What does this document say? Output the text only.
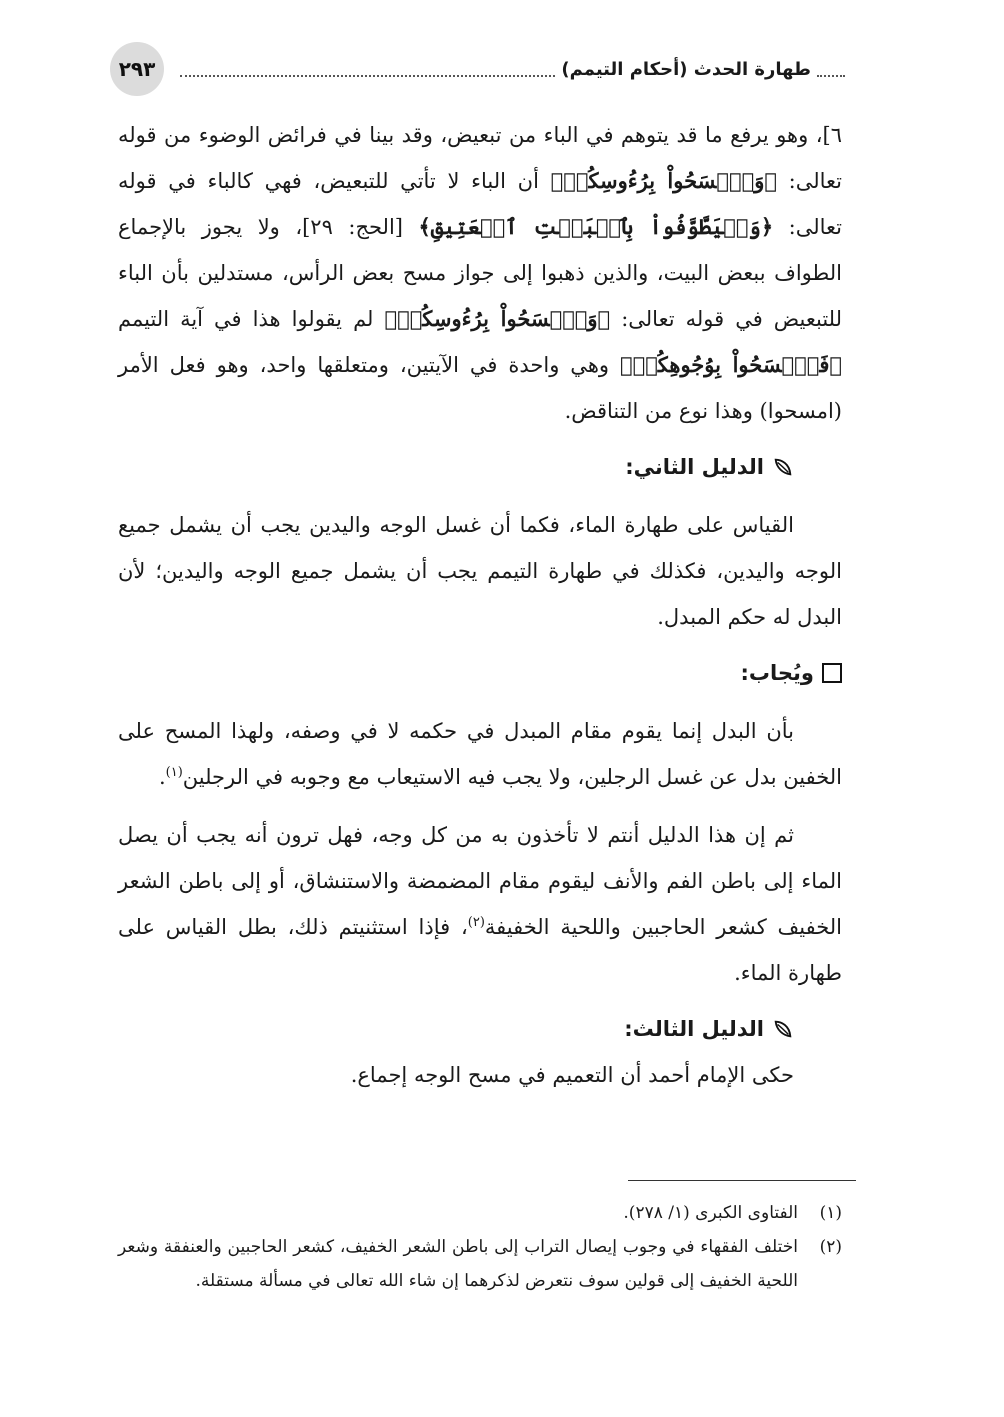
٢٩٣	طهارة الحدث (أحكام التيمم)

٦]، وهو يرفع ما قد يتوهم في الباء من تبعيض، وقد بينا في فرائض الوضوء من قوله تعالى: ﴿وَٱمۡسَحُواْ بِرُءُوسِكُمۡ﴾ أن الباء لا تأتي للتبعيض، فهي كالباء في قوله تعالى: ﴿وَلۡيَطَّوَّفُواْ بِٱلۡبَيۡتِ ٱلۡعَتِيقِ﴾ [الحج: ٢٩]، ولا يجوز بالإجماع الطواف ببعض البيت، والذين ذهبوا إلى جواز مسح بعض الرأس، مستدلين بأن الباء للتبعيض في قوله تعالى: ﴿وَٱمۡسَحُواْ بِرُءُوسِكُمۡ﴾ لم يقولوا هذا في آية التيمم ﴿فَٱمۡسَحُواْ بِوُجُوهِكُمۡ﴾ وهي واحدة في الآيتين، ومتعلقها واحد، وهو فعل الأمر (امسحوا) وهذا نوع من التناقض.

الدليل الثاني:

القياس على طهارة الماء، فكما أن غسل الوجه واليدين يجب أن يشمل جميع الوجه واليدين، فكذلك في طهارة التيمم يجب أن يشمل جميع الوجه واليدين؛ لأن البدل له حكم المبدل.

ويُجاب:

بأن البدل إنما يقوم مقام المبدل في حكمه لا في وصفه، ولهذا المسح على الخفين بدل عن غسل الرجلين، ولا يجب فيه الاستيعاب مع وجوبه في الرجلين$^{(١)}$.

ثم إن هذا الدليل أنتم لا تأخذون به من كل وجه، فهل ترون أنه يجب أن يصل الماء إلى باطن الفم والأنف ليقوم مقام المضمضة والاستنشاق، أو إلى باطن الشعر الخفيف كشعر الحاجبين واللحية الخفيفة$^{(٢)}$، فإذا استثنيتم ذلك، بطل القياس على طهارة الماء.

الدليل الثالث:

حكى الإمام أحمد أن التعميم في مسح الوجه إجماع.

(١)
الفتاوى الكبرى (١/ ٢٧٨).
(٢)
اختلف الفقهاء في وجوب إيصال التراب إلى باطن الشعر الخفيف، كشعر الحاجبين والعنفقة وشعر اللحية الخفيف إلى قولين سوف نتعرض لذكرهما إن شاء الله تعالى في مسألة مستقلة.
